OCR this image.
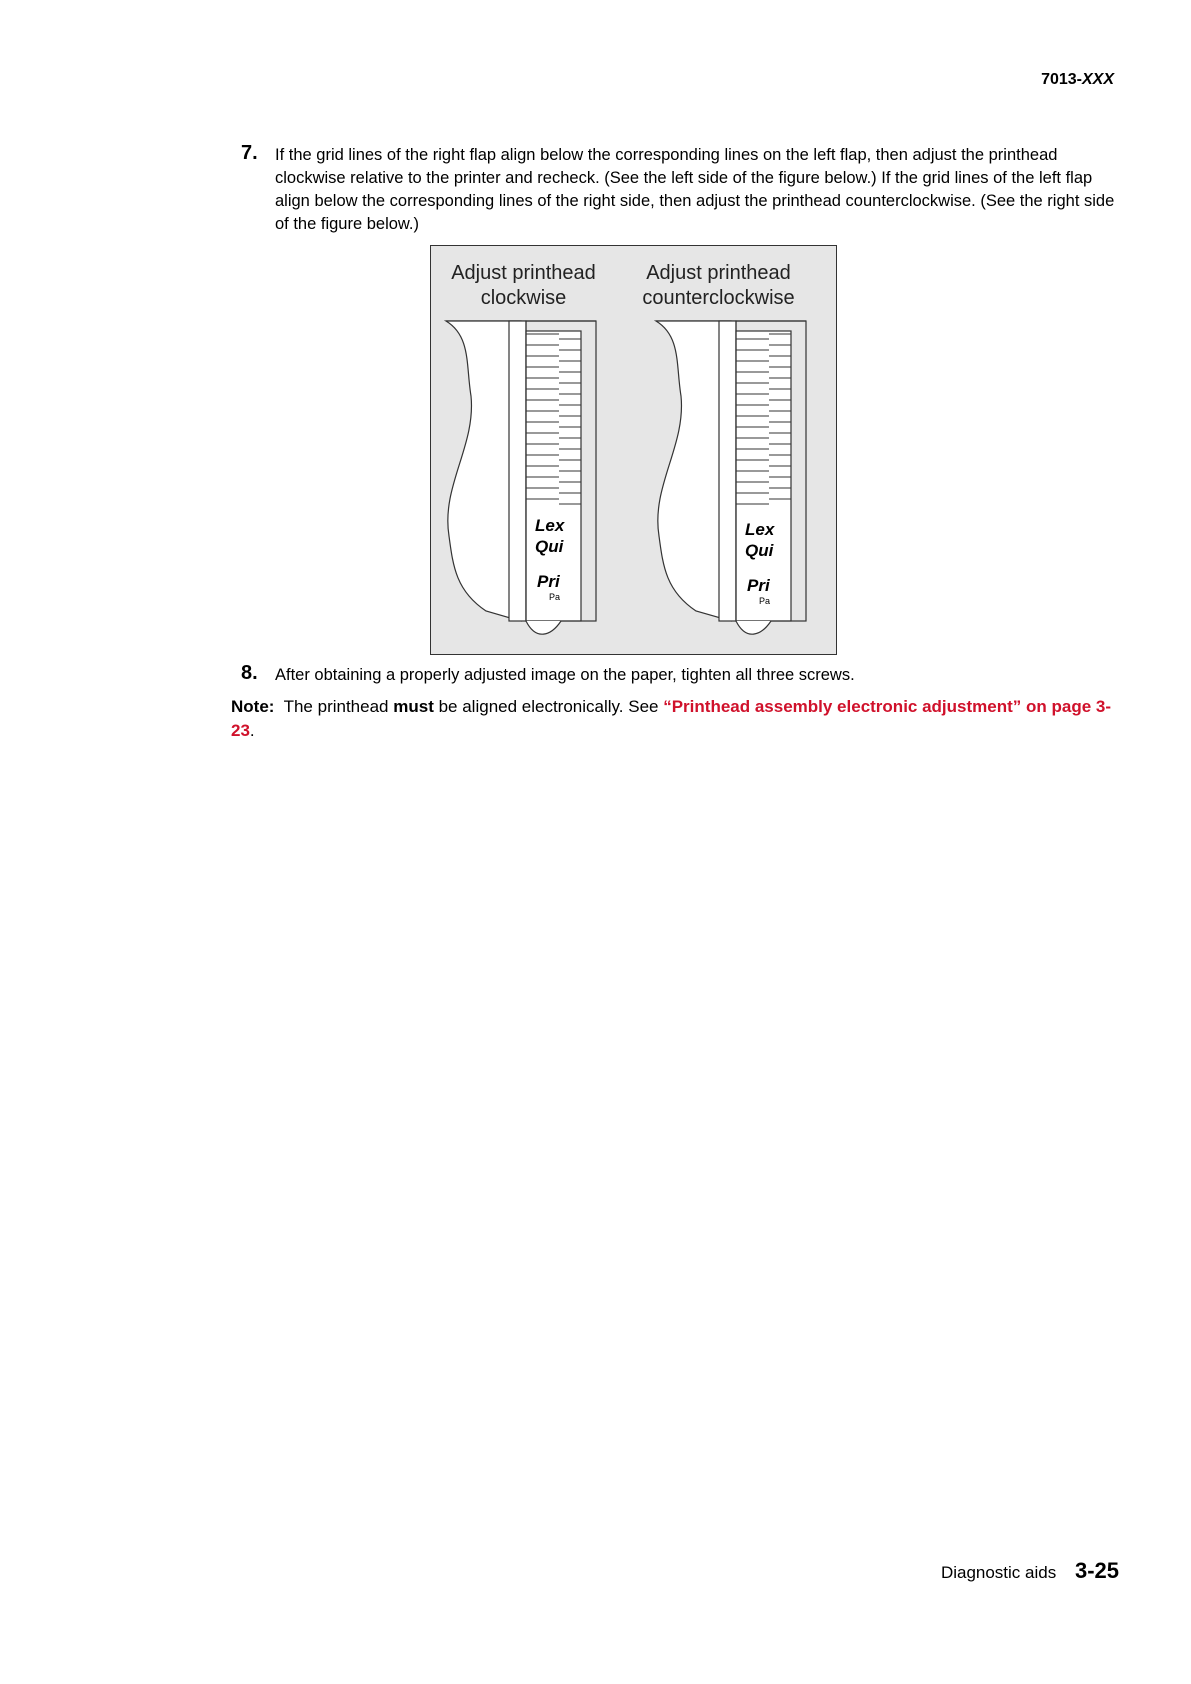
7013-XXX
7. If the grid lines of the right flap align below the corresponding lines on the left flap, then adjust the printhead clockwise relative to the printer and recheck. (See the left side of the figure below.) If the grid lines of the left flap align below the corresponding lines of the right side, then adjust the printhead counterclockwise. (See the right side of the figure below.)
Adjust printhead
clockwise
Adjust printhead
counterclockwise
Lex
Qui
Pri
Lex
Qui
Pri
Pa	Pa
8. After obtaining a properly adjusted image on the paper, tighten all three screws.
Note: The printhead must be aligned electronically. See “Printhead assembly electronic adjustment” on page 3-23.
Diagnostic aids 3-25
